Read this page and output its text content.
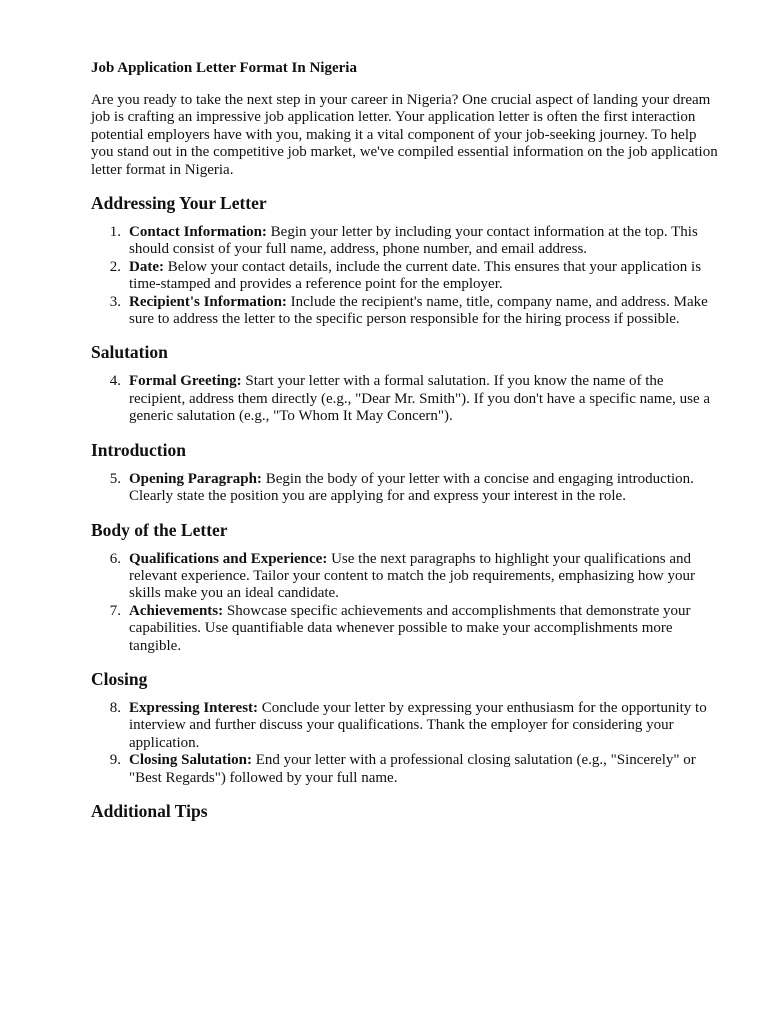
Job Application Letter Format In Nigeria

Are you ready to take the next step in your career in Nigeria? One crucial aspect of landing your dream job is crafting an impressive job application letter. Your application letter is often the first interaction potential employers have with you, making it a vital component of your job-seeking journey. To help you stand out in the competitive job market, we've compiled essential information on the job application letter format in Nigeria.

Addressing Your Letter
1. Contact Information: Begin your letter by including your contact information at the top. This should consist of your full name, address, phone number, and email address.
2. Date: Below your contact details, include the current date. This ensures that your application is time-stamped and provides a reference point for the employer.
3. Recipient's Information: Include the recipient's name, title, company name, and address. Make sure to address the letter to the specific person responsible for the hiring process if possible.
Salutation
4. Formal Greeting: Start your letter with a formal salutation. If you know the name of the recipient, address them directly (e.g., "Dear Mr. Smith"). If you don't have a specific name, use a generic salutation (e.g., "To Whom It May Concern").
Introduction
5. Opening Paragraph: Begin the body of your letter with a concise and engaging introduction. Clearly state the position you are applying for and express your interest in the role.
Body of the Letter
6. Qualifications and Experience: Use the next paragraphs to highlight your qualifications and relevant experience. Tailor your content to match the job requirements, emphasizing how your skills make you an ideal candidate.
7. Achievements: Showcase specific achievements and accomplishments that demonstrate your capabilities. Use quantifiable data whenever possible to make your accomplishments more tangible.
Closing
8. Expressing Interest: Conclude your letter by expressing your enthusiasm for the opportunity to interview and further discuss your qualifications. Thank the employer for considering your application.
9. Closing Salutation: End your letter with a professional closing salutation (e.g., "Sincerely" or "Best Regards") followed by your full name.
Additional Tips
